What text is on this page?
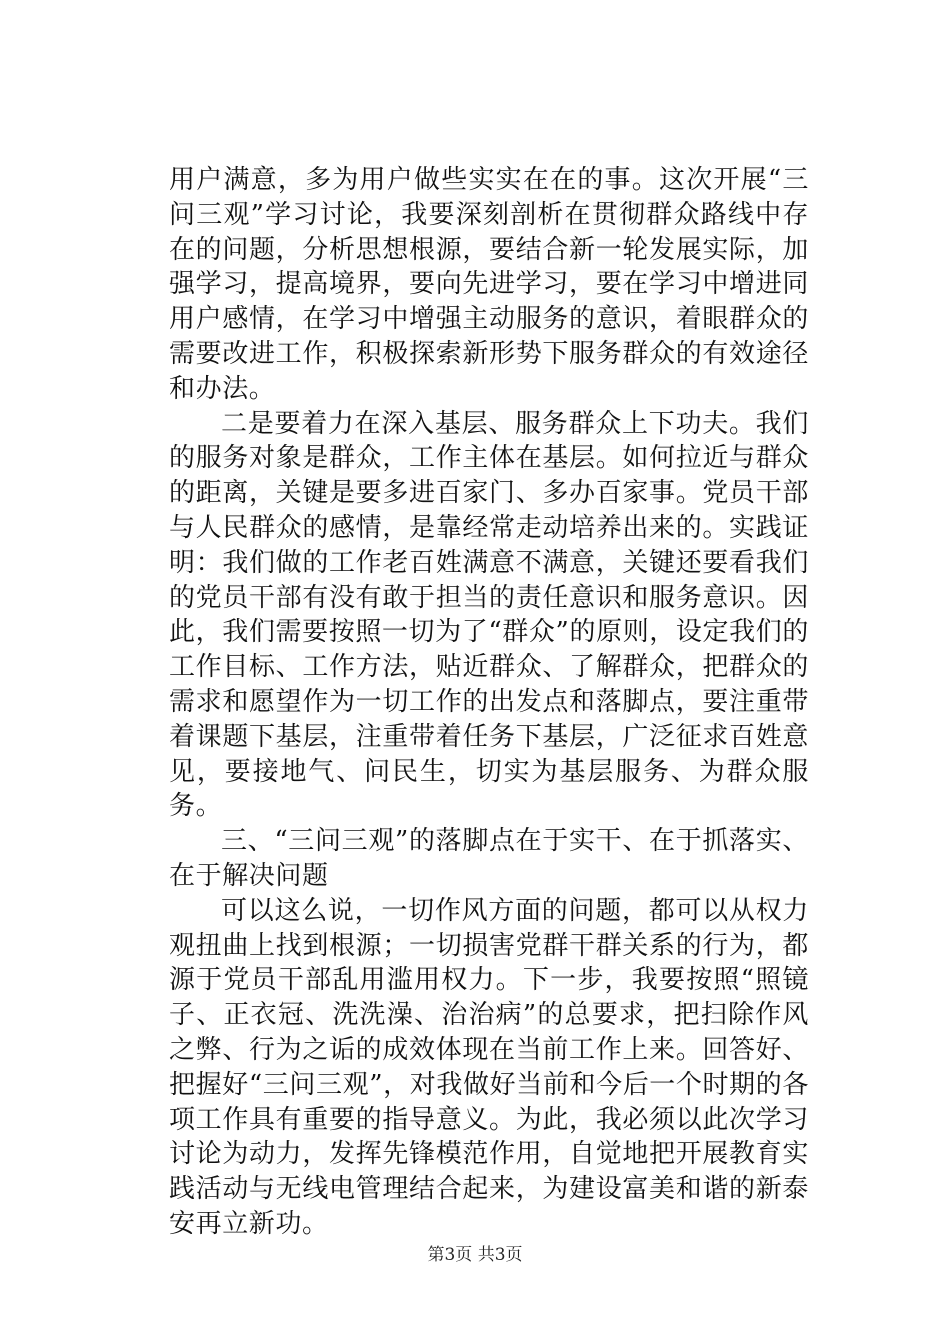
用户满意，多为用户做些实实在在的事。这次开展“三问三观”学习讨论，我要深刻剖析在贯彻群众路线中存在的问题，分析思想根源，要结合新一轮发展实际，加强学习，提高境界，要向先进学习，要在学习中增进同用户感情，在学习中增强主动服务的意识，着眼群众的需要改进工作，积极探索新形势下服务群众的有效途径和办法。

二是要着力在深入基层、服务群众上下功夫。我们的服务对象是群众，工作主体在基层。如何拉近与群众的距离，关键是要多进百家门、多办百家事。党员干部与人民群众的感情，是靠经常走动培养出来的。实践证明：我们做的工作老百姓满意不满意，关键还要看我们的党员干部有没有敢于担当的责任意识和服务意识。因此，我们需要按照一切为了“群众”的原则，设定我们的工作目标、工作方法，贴近群众、了解群众，把群众的需求和愿望作为一切工作的出发点和落脚点，要注重带着课题下基层，注重带着任务下基层，广泛征求百姓意见，要接地气、问民生，切实为基层服务、为群众服务。

三、“三问三观”的落脚点在于实干、在于抓落实、在于解决问题

可以这么说，一切作风方面的问题，都可以从权力观扭曲上找到根源；一切损害党群干群关系的行为，都源于党员干部乱用滥用权力。下一步，我要按照“照镜子、正衣冠、洗洗澡、治治病”的总要求，把扫除作风之弊、行为之诟的成效体现在当前工作上来。回答好、把握好“三问三观”，对我做好当前和今后一个时期的各项工作具有重要的指导意义。为此，我必须以此次学习讨论为动力，发挥先锋模范作用，自觉地把开展教育实践活动与无线电管理结合起来，为建设富美和谐的新泰安再立新功。

第3页 共3页
